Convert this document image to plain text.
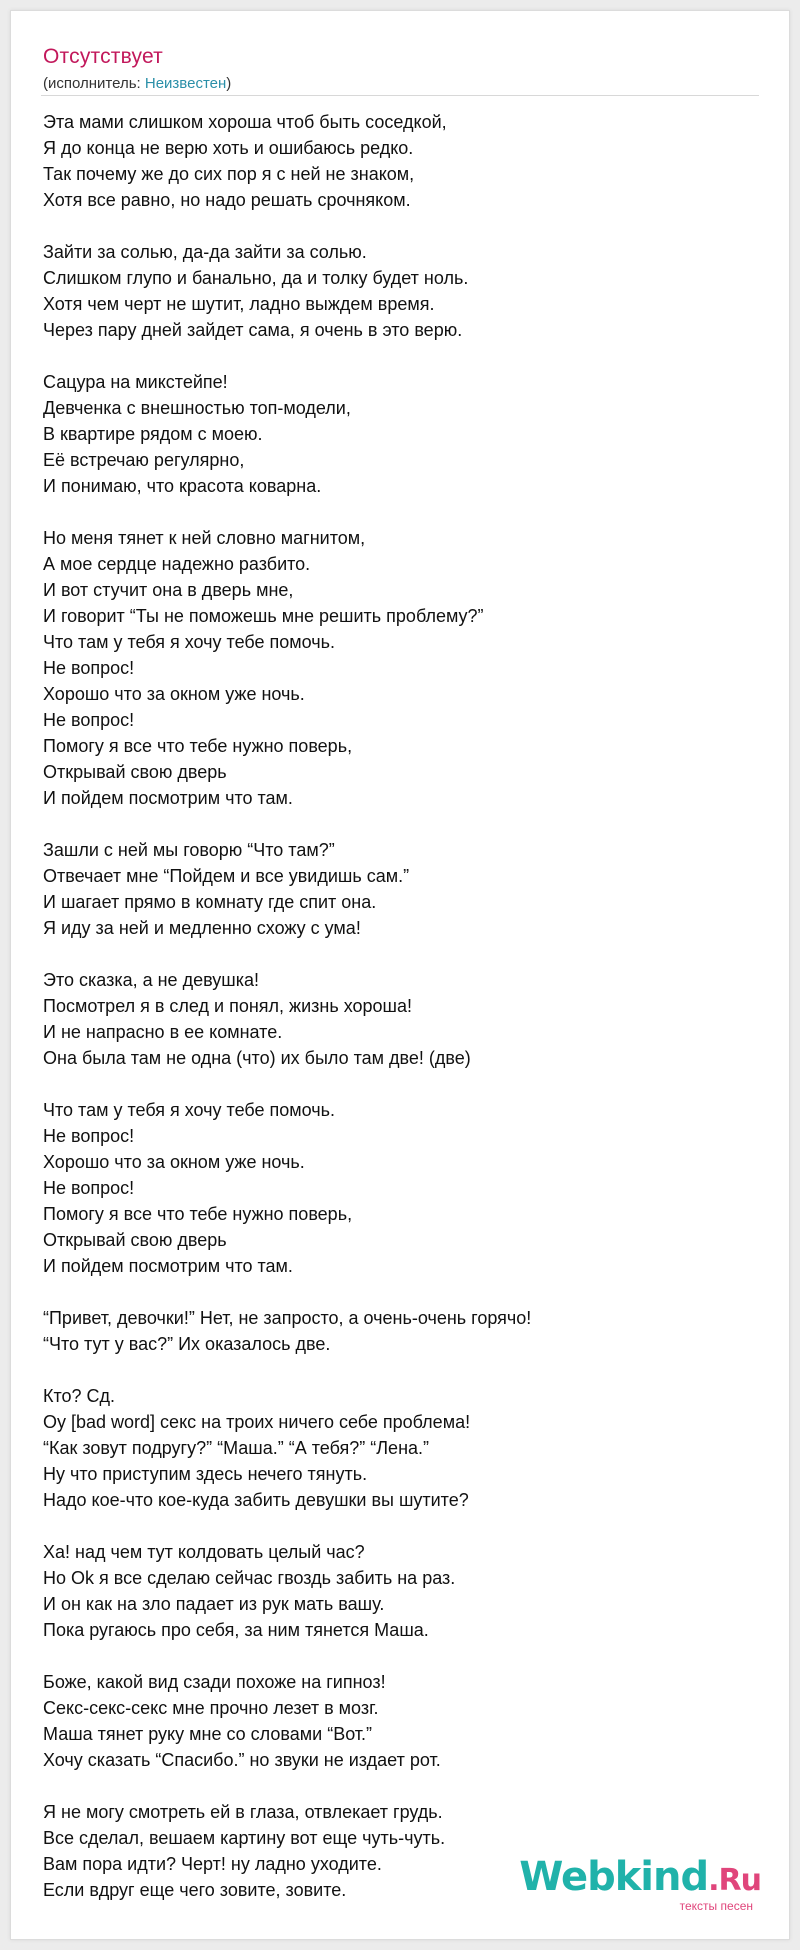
Отсутствует
(исполнитель: Неизвестен)
Эта мами слишком хороша чтоб быть соседкой,
Я до конца не верю хоть и ошибаюсь редко.
Так почему же до сих пор я с ней не знаком,
Хотя все равно, но надо решать срочняком.
Зайти за солью, да-да зайти за солью.
Слишком глупо и банально, да и толку будет ноль.
Хотя чем черт не шутит, ладно выждем время.
Через пару дней зайдет сама, я очень в это верю.
Сацура на микстейпе!
Девченка с внешностью топ-модели,
В квартире рядом с моею.
Её встречаю регулярно,
И понимаю, что красота коварна.
Но меня тянет к ней словно магнитом,
А мое сердце надежно разбито.
И вот стучит она в дверь мне,
И говорит “Ты не поможешь мне решить проблему?”
Что там у тебя я хочу тебе помочь.
Не вопрос!
Хорошо что за окном уже ночь.
Не вопрос!
Помогу я все что тебе нужно поверь,
Открывай свою дверь
И пойдем посмотрим что там.
Зашли с ней мы говорю “Что там?”
Отвечает мне “Пойдем и все увидишь сам.”
И шагает прямо в комнату где спит она.
Я иду за ней и медленно схожу с ума!
Это сказка, а не девушка!
Посмотрел я в след и понял, жизнь хороша!
И не напрасно в ее комнате.
Она была там не одна (что) их было там две! (две)
Что там у тебя я хочу тебе помочь.
Не вопрос!
Хорошо что за окном уже ночь.
Не вопрос!
Помогу я все что тебе нужно поверь,
Открывай свою дверь
И пойдем посмотрим что там.
“Привет, девочки!” Нет, не запросто, а очень-очень горячо!
“Что тут у вас?” Их оказалось две.
Кто? Сд.
Оу [bad word] секс на троих ничего себе проблема!
“Как зовут подругу?” “Маша.” “А тебя?” “Лена.”
Ну что приступим здесь нечего тянуть.
Надо кое-что кое-куда забить девушки вы шутите?
Ха! над чем тут колдовать целый час?
Но Ok я все сделаю сейчас гвоздь забить на раз.
И он как на зло падает из рук мать вашу.
Пока ругаюсь про себя, за ним тянется Маша.
Боже, какой вид сзади похоже на гипноз!
Секс-секс-секс мне прочно лезет в мозг.
Маша тянет руку мне со словами “Вот.”
Хочу сказать “Спасибо.” но звуки не издает рот.
Я не могу смотреть ей в глаза, отвлекает грудь.
Все сделал, вешаем картину вот еще чуть-чуть.
Вам пора идти? Черт! ну ладно уходите.
Если вдруг еще чего зовите, зовите.	Webkind.Ru
тексты песен
